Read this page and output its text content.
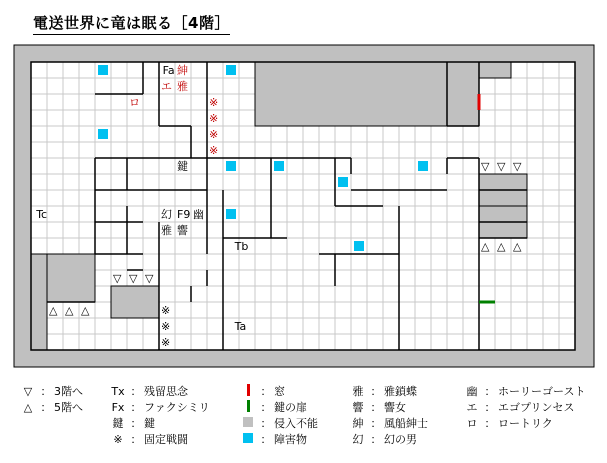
電送世界に竜は眠る［4階］
Fa 紳
エ 雅
ロ	※
※
※
※
鍵
Tc	幻 F9 幽
雅 響
Tb
Ta
※
※
※
▽ ▽ ▽
△ △ △
▽ ▽ ▽
△ △ △
▽ ： 3階へ
△ ： 5階へ
Tx ： 残留思念
Fx ： ファクシミリ
鍵 ： 鍵
※ ： 固定戦闘
： 窓
： 鍵の扉
： 侵入不能
： 障害物
雅 ： 雅鎖蝶
響 ： 響女
紳 ： 風船紳士
幻 ： 幻の男
幽 ： ホーリーゴースト
エ ： エゴプリンセス
ロ ： ロートリク
